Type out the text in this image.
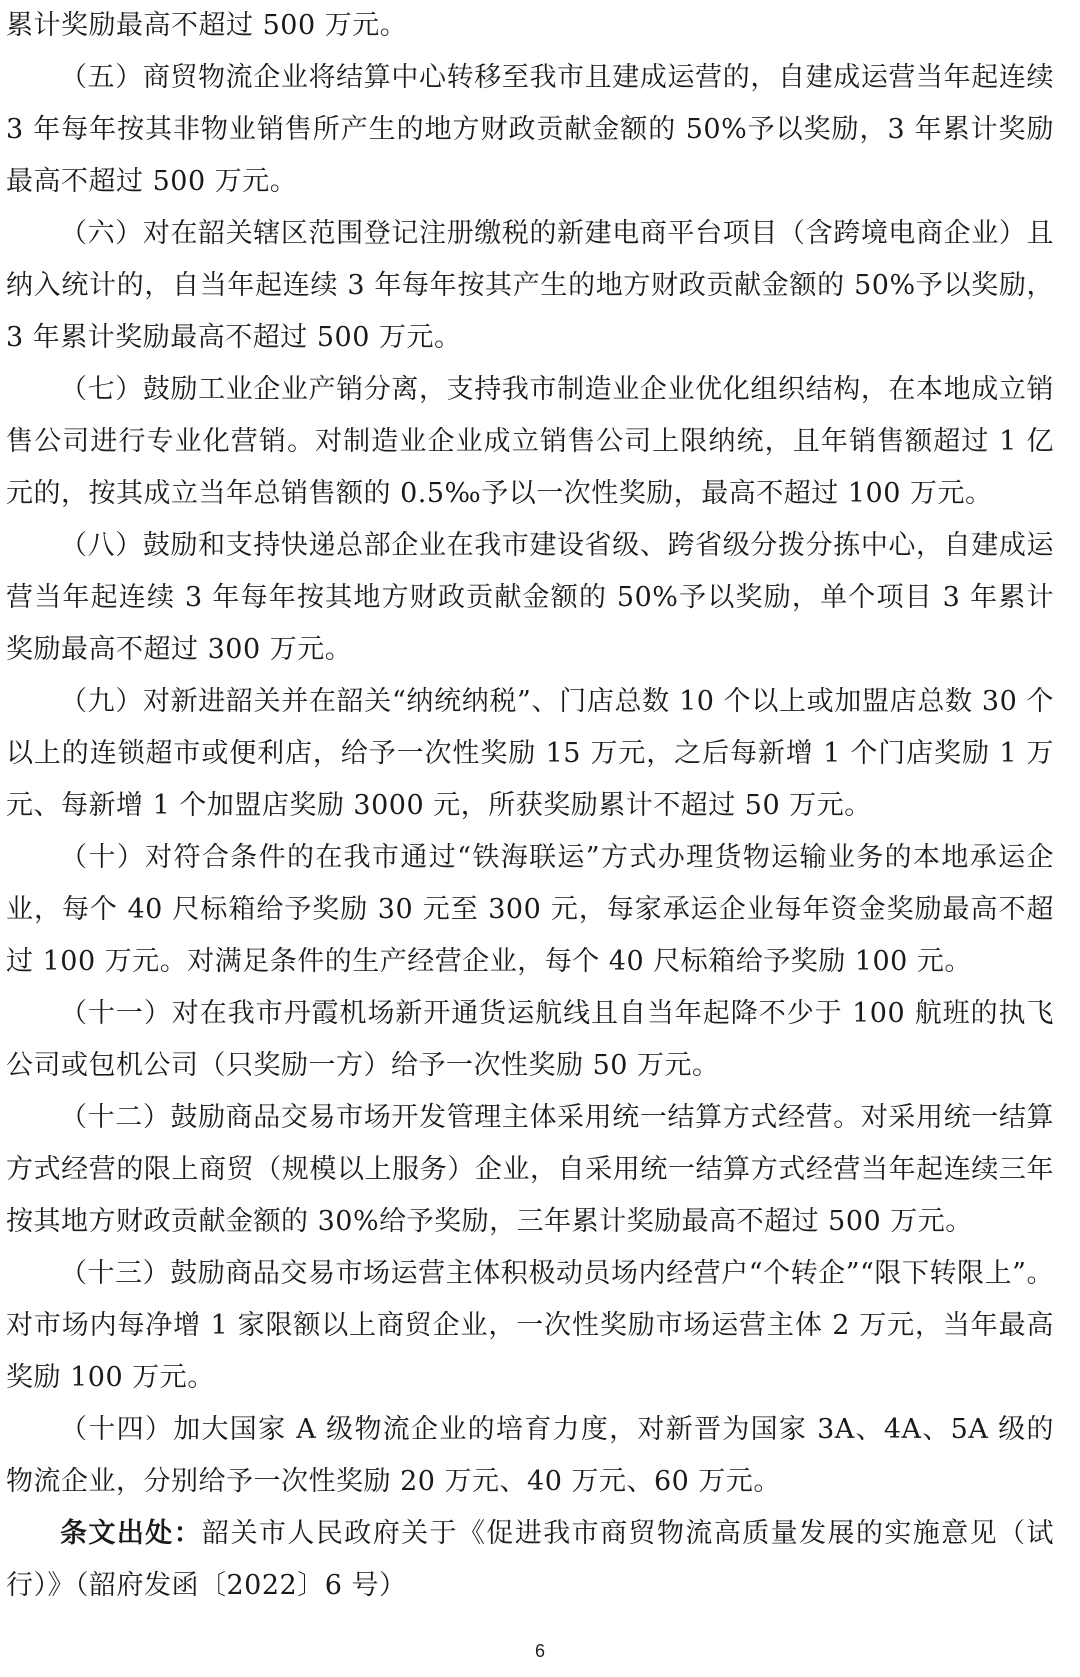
累计奖励最高不超过 500 万元。

（五）商贸物流企业将结算中心转移至我市且建成运营的，自建成运营当年起连续 3 年每年按其非物业销售所产生的地方财政贡献金额的 50%予以奖励，3 年累计奖励最高不超过 500 万元。

（六）对在韶关辖区范围登记注册缴税的新建电商平台项目（含跨境电商企业）且纳入统计的，自当年起连续 3 年每年按其产生的地方财政贡献金额的 50%予以奖励，3 年累计奖励最高不超过 500 万元。

（七）鼓励工业企业产销分离，支持我市制造业企业优化组织结构，在本地成立销售公司进行专业化营销。对制造业企业成立销售公司上限纳统，且年销售额超过 1 亿元的，按其成立当年总销售额的 0.5‰予以一次性奖励，最高不超过 100 万元。

（八）鼓励和支持快递总部企业在我市建设省级、跨省级分拨分拣中心，自建成运营当年起连续 3 年每年按其地方财政贡献金额的 50%予以奖励，单个项目 3 年累计奖励最高不超过 300 万元。

（九）对新进韶关并在韶关“纳统纳税”、门店总数 10 个以上或加盟店总数 30 个以上的连锁超市或便利店，给予一次性奖励 15 万元，之后每新增 1 个门店奖励 1 万元、每新增 1 个加盟店奖励 3000 元，所获奖励累计不超过 50 万元。

（十）对符合条件的在我市通过“铁海联运”方式办理货物运输业务的本地承运企业，每个 40 尺标箱给予奖励 30 元至 300 元，每家承运企业每年资金奖励最高不超过 100 万元。对满足条件的生产经营企业，每个 40 尺标箱给予奖励 100 元。

（十一）对在我市丹霞机场新开通货运航线且自当年起降不少于 100 航班的执飞公司或包机公司（只奖励一方）给予一次性奖励 50 万元。

（十二）鼓励商品交易市场开发管理主体采用统一结算方式经营。对采用统一结算方式经营的限上商贸（规模以上服务）企业，自采用统一结算方式经营当年起连续三年按其地方财政贡献金额的 30%给予奖励，三年累计奖励最高不超过 500 万元。

（十三）鼓励商品交易市场运营主体积极动员场内经营户“个转企”“限下转限上”。对市场内每净增 1 家限额以上商贸企业，一次性奖励市场运营主体 2 万元，当年最高奖励 100 万元。

（十四）加大国家 A 级物流企业的培育力度，对新晋为国家 3A、4A、5A 级的物流企业，分别给予一次性奖励 20 万元、40 万元、60 万元。

条文出处：韶关市人民政府关于《促进我市商贸物流高质量发展的实施意见（试行）》（韶府发函〔2022〕6 号）

6
